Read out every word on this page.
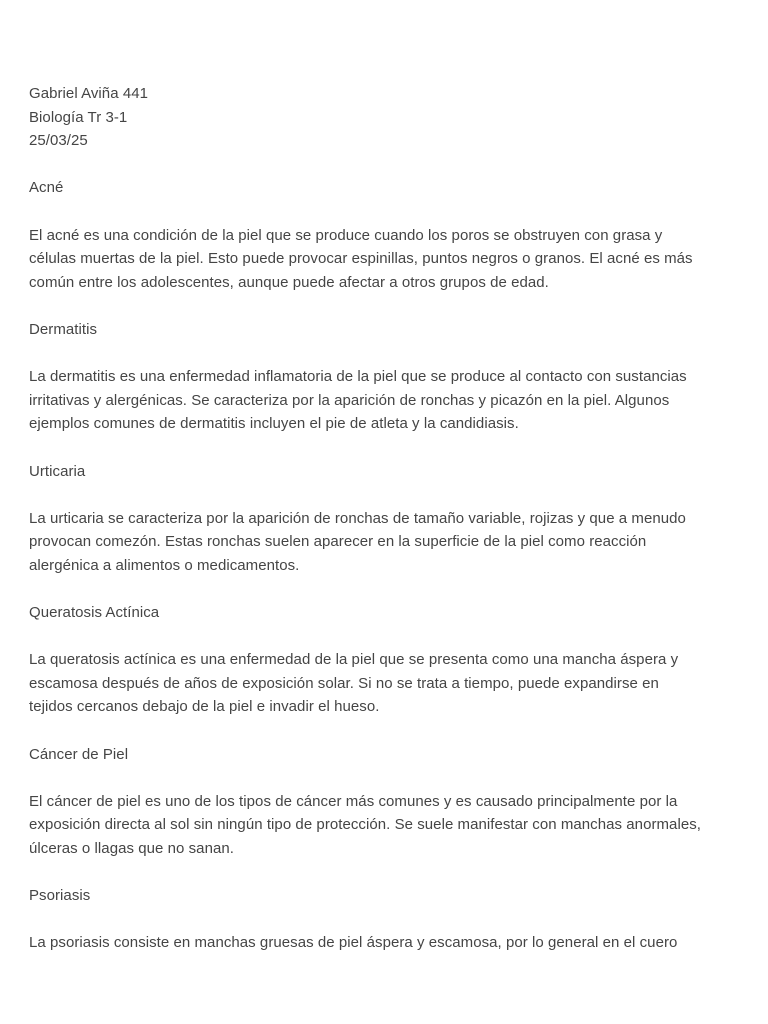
Gabriel Aviña 441

Biología Tr 3-1

25/03/25

Acné

El acné es una condición de la piel que se produce cuando los poros se obstruyen con grasa y
células muertas de la piel. Esto puede provocar espinillas, puntos negros o granos. El acné es más
común entre los adolescentes, aunque puede afectar a otros grupos de edad.

Dermatitis

La dermatitis es una enfermedad inflamatoria de la piel que se produce al contacto con sustancias
irritativas y alergénicas. Se caracteriza por la aparición de ronchas y picazón en la piel. Algunos
ejemplos comunes de dermatitis incluyen el pie de atleta y la candidiasis.

Urticaria

La urticaria se caracteriza por la aparición de ronchas de tamaño variable, rojizas y que a menudo
provocan comezón. Estas ronchas suelen aparecer en la superficie de la piel como reacción
alergénica a alimentos o medicamentos.

Queratosis Actínica

La queratosis actínica es una enfermedad de la piel que se presenta como una mancha áspera y
escamosa después de años de exposición solar. Si no se trata a tiempo, puede expandirse en
tejidos cercanos debajo de la piel e invadir el hueso.

Cáncer de Piel

El cáncer de piel es uno de los tipos de cáncer más comunes y es causado principalmente por la
exposición directa al sol sin ningún tipo de protección. Se suele manifestar con manchas anormales,
úlceras o llagas que no sanan.

Psoriasis

La psoriasis consiste en manchas gruesas de piel áspera y escamosa, por lo general en el cuero
